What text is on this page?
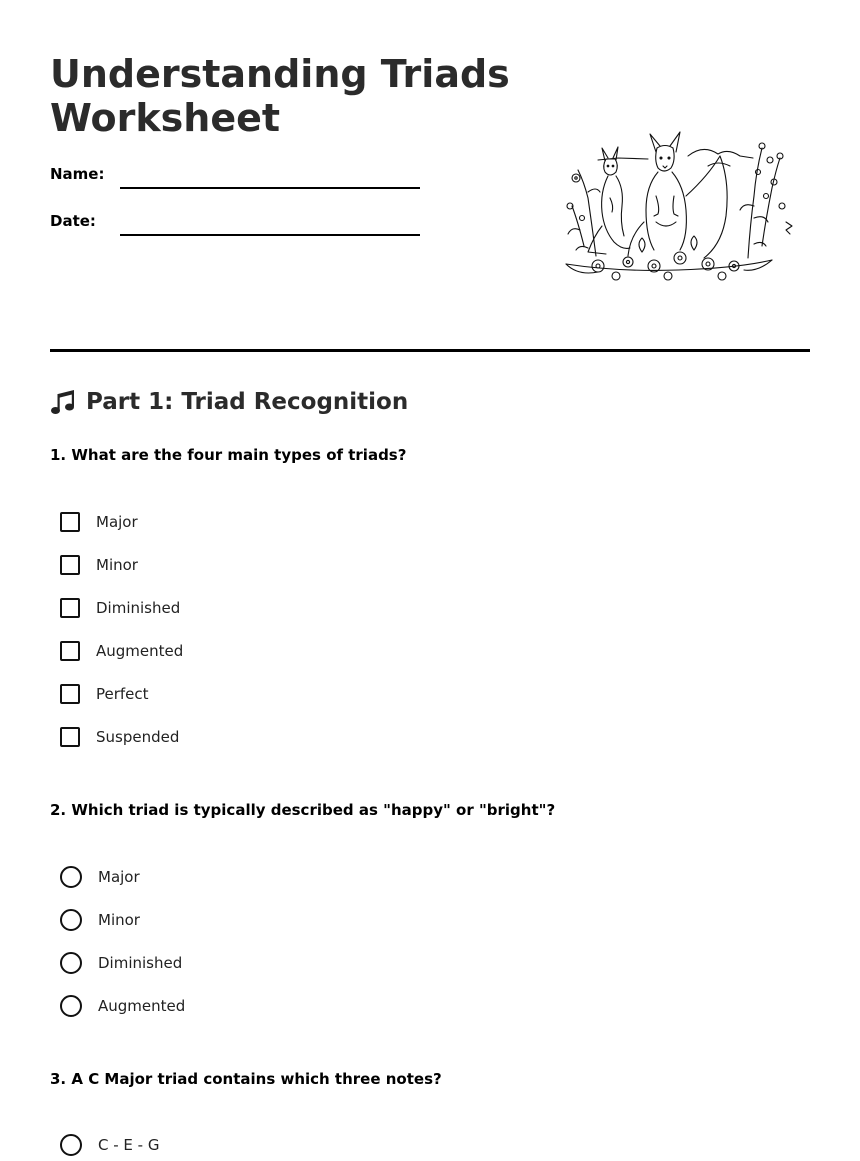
Understanding Triads
Worksheet
Name:
Date:
Part 1: Triad Recognition
1. What are the four main types of triads?
Major
Minor
Diminished
Augmented
Perfect
Suspended
2. Which triad is typically described as "happy" or "bright"?
Major
Minor
Diminished
Augmented
3. A C Major triad contains which three notes?
C - E - G
